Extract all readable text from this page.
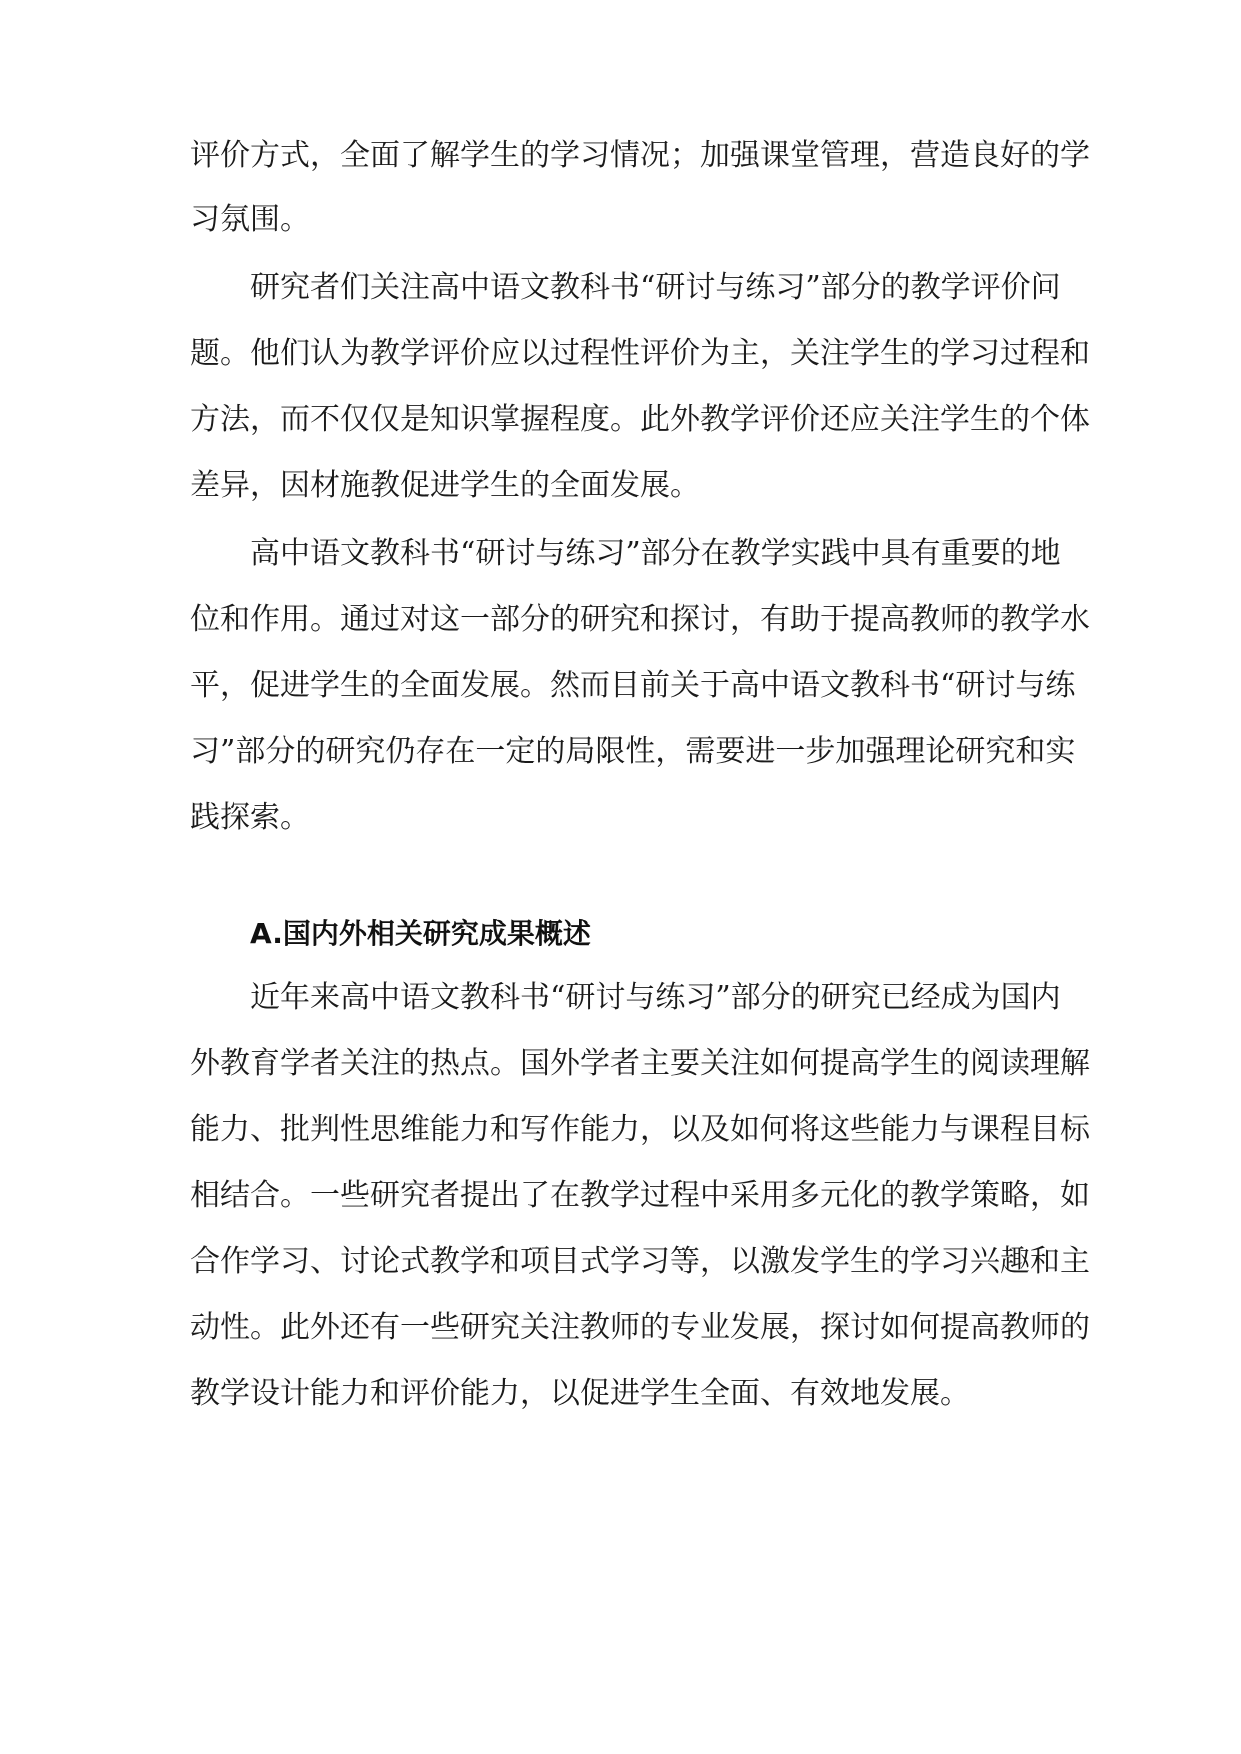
评价方式，全面了解学生的学习情况；加强课堂管理，营造良好的学
习氛围。
研究者们关注高中语文教科书“研讨与练习”部分的教学评价问
题。他们认为教学评价应以过程性评价为主，关注学生的学习过程和
方法，而不仅仅是知识掌握程度。此外教学评价还应关注学生的个体
差异，因材施教促进学生的全面发展。
高中语文教科书“研讨与练习”部分在教学实践中具有重要的地
位和作用。通过对这一部分的研究和探讨，有助于提高教师的教学水
平，促进学生的全面发展。然而目前关于高中语文教科书“研讨与练
习”部分的研究仍存在一定的局限性，需要进一步加强理论研究和实
践探索。
A.国内外相关研究成果概述
近年来高中语文教科书“研讨与练习”部分的研究已经成为国内
外教育学者关注的热点。国外学者主要关注如何提高学生的阅读理解
能力、批判性思维能力和写作能力，以及如何将这些能力与课程目标
相结合。一些研究者提出了在教学过程中采用多元化的教学策略，如
合作学习、讨论式教学和项目式学习等，以激发学生的学习兴趣和主
动性。此外还有一些研究关注教师的专业发展，探讨如何提高教师的
教学设计能力和评价能力，以促进学生全面、有效地发展。
